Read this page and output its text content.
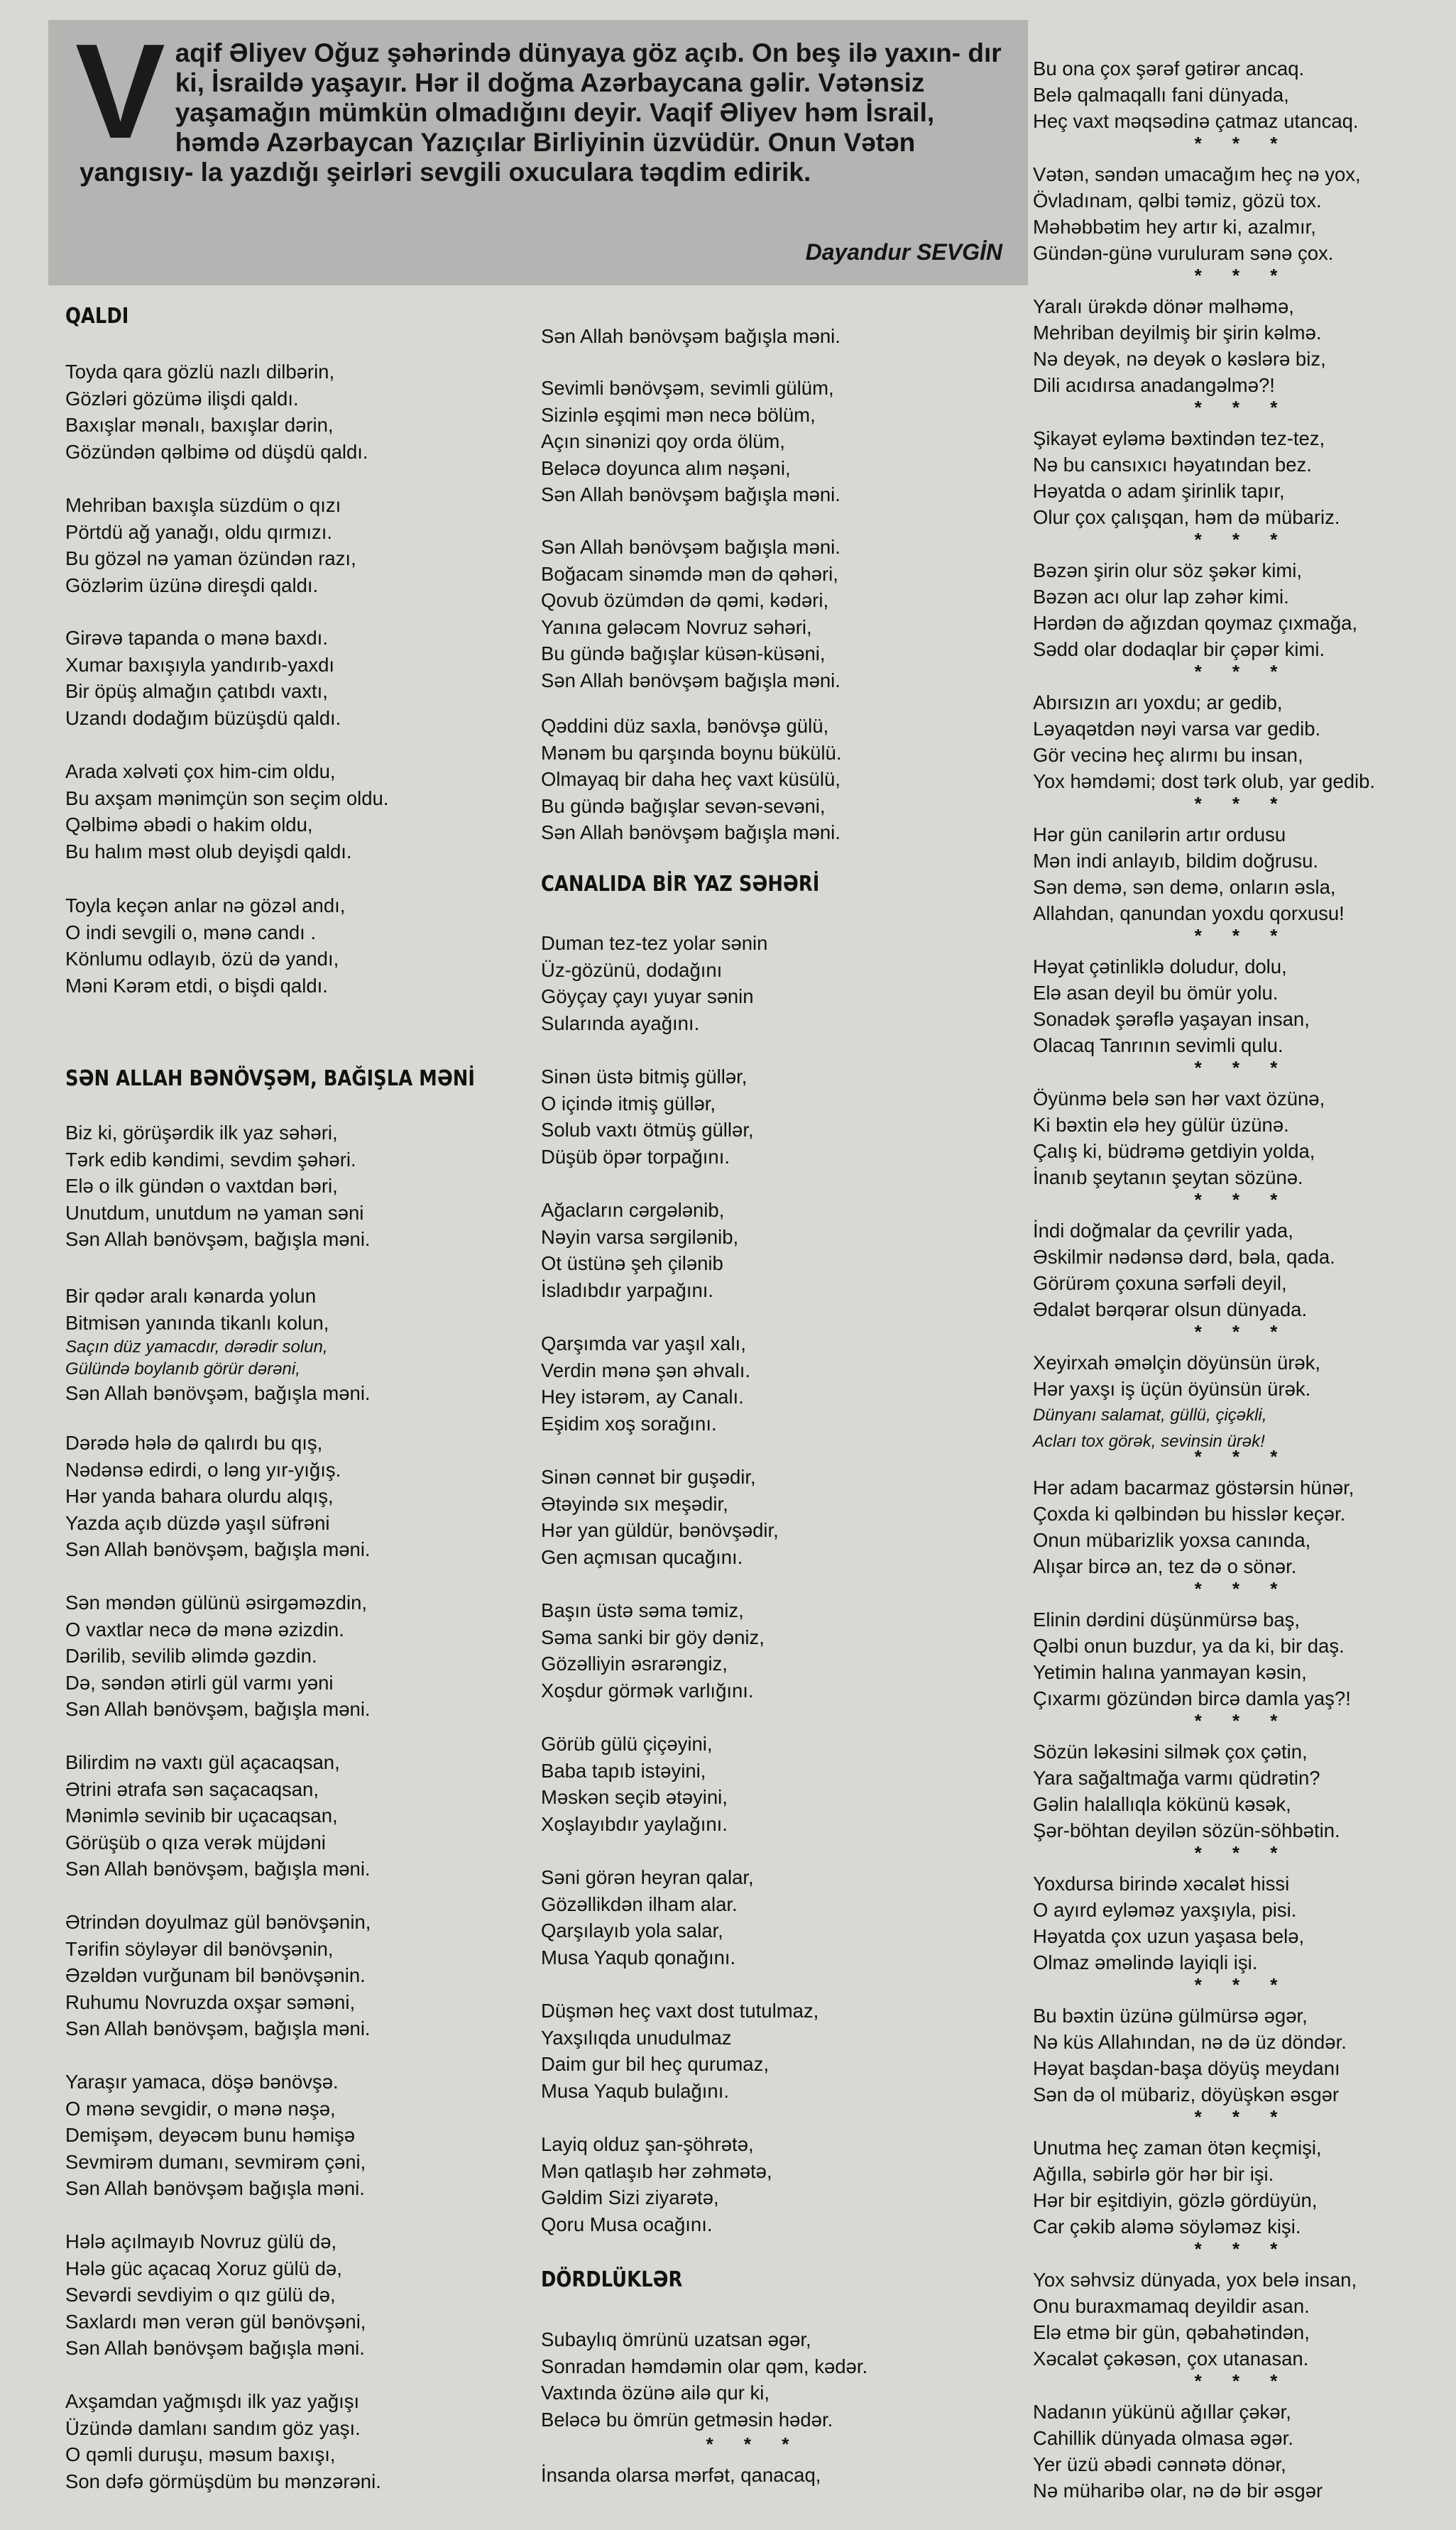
V aqif Əliyev Oğuz şəhərində dünyaya göz açıb. On beş ilə yaxın- dır ki, İsraildə yaşayır. Hər il doğma Azərbaycana gəlir. Vətənsiz yaşamağın mümkün olmadığını deyir. Vaqif Əliyev həm İsrail, həmdə Azərbaycan Yazıçılar Birliyinin üzvüdür. Onun Vətən yangısıy- la yazdığı şeirləri sevgili oxuculara təqdim edirik.

Dayandur SEVGİN
QALDI
Toyda qara gözlü nazlı dilbərin,
Gözləri gözümə ilişdi qaldı.
Baxışlar mənalı, baxışlar dərin,
Gözündən qəlbimə od düşdü qaldı.
Mehriban baxışla süzdüm o qızı
Pörtdü ağ yanağı, oldu qırmızı.
Bu gözəl nə yaman özündən razı,
Gözlərim üzünə direşdi qaldı.
Girəvə tapanda o mənə baxdı.
Xumar baxışıyla yandırıb-yaxdı
Bir öpüş almağın çatıbdı vaxtı,
Uzandı dodağım büzüşdü qaldı.
Arada xəlvəti çox him-cim oldu,
Bu axşam mənimçün son seçim oldu.
Qəlbimə əbədi o hakim oldu,
Bu halım məst olub deyişdi qaldı.
Toyla keçən anlar nə gözəl andı,
O indi sevgili o, mənə candı .
Könlumu odlayıb, özü də yandı,
Məni Kərəm etdi, o bişdi qaldı.
SƏN ALLAH BƏNÖVŞƏM, BAĞIŞLA MƏNİ
Biz ki, görüşərdik ilk yaz səhəri,
Tərk edib kəndimi, sevdim şəhəri.
Elə o ilk gündən o vaxtdan bəri,
Unutdum, unutdum nə yaman səni
Sən Allah bənövşəm, bağışla məni.
Bir qədər aralı kənarda yolun
Bitmisən yanında tikanlı kolun,
Saçın düz yamacdır, dərədir solun,
Gülündə boylanıb görür dərəni,
Sən Allah bənövşəm, bağışla məni.
Dərədə hələ də qalırdı bu qış,
Nədənsə edirdi, o ləng yır-yığış.
Hər yanda bahara olurdu alqış,
Yazda açıb düzdə yaşıl süfrəni
Sən Allah bənövşəm, bağışla məni.
Sən məndən gülünü əsirgəməzdin,
O vaxtlar necə də mənə əzizdin.
Dərilib, sevilib əlimdə gəzdin.
Də, səndən ətirli gül varmı yəni
Sən Allah bənövşəm, bağışla məni.
Bilirdim nə vaxtı gül açacaqsan,
Ətrini ətrafa sən saçacaqsan,
Mənimlə sevinib bir uçacaqsan,
Görüşüb o qıza verək müjdəni
Sən Allah bənövşəm, bağışla məni.
Ətrindən doyulmaz gül bənövşənin,
Tərifin söyləyər dil bənövşənin,
Əzəldən vurğunam bil bənövşənin.
Ruhumu Novruzda oxşar səməni,
Sən Allah bənövşəm, bağışla məni.
Yaraşır yamaca, döşə bənövşə.
O mənə sevgidir, o mənə nəşə,
Demişəm, deyəcəm bunu həmişə
Sevmirəm dumanı, sevmirəm çəni,
Sən Allah bənövşəm bağışla məni.
Hələ açılmayıb Novruz gülü də,
Hələ güc açacaq Xoruz gülü də,
Sevərdi sevdiyim o qız gülü də,
Saxlardı mən verən gül bənövşəni,
Sən Allah bənövşəm bağışla məni.
Axşamdan yağmışdı ilk yaz yağışı
Üzündə damlanı sandım göz yaşı.
O qəmli duruşu, məsum baxışı,
Son dəfə görmüşdüm bu mənzərəni.
Sən Allah bənövşəm bağışla məni.
Sevimli bənövşəm, sevimli gülüm,
Sizinlə eşqimi mən necə bölüm,
Açın sinənizi qoy orda ölüm,
Beləcə doyunca alım nəşəni,
Sən Allah bənövşəm bağışla məni.
Sən Allah bənövşəm bağışla məni.
Boğacam sinəmdə mən də qəhəri,
Qovub özümdən də qəmi, kədəri,
Yanına gələcəm Novruz səhəri,
Bu gündə bağışlar küsən-küsəni,
Sən Allah bənövşəm bağışla məni.
Qəddini düz saxla, bənövşə gülü,
Mənəm bu qarşında boynu bükülü.
Olmayaq bir daha heç vaxt küsülü,
Bu gündə bağışlar sevən-sevəni,
Sən Allah bənövşəm bağışla məni.
CANALIDA BİR YAZ SƏHƏRİ
Duman tez-tez yolar sənin
Üz-gözünü, dodağını
Göyçay çayı yuyar sənin
Sularında ayağını.
Sinən üstə bitmiş güllər,
O içində itmiş güllər,
Solub vaxtı ötmüş güllər,
Düşüb öpər torpağını.
Ağacların cərgələnib,
Nəyin varsa sərgilənib,
Ot üstünə şeh çilənib
İsladıbdır yarpağını.
Qarşımda var yaşıl xalı,
Verdin mənə şən əhvalı.
Hey istərəm, ay Canalı.
Eşidim xoş sorağını.
Sinən cənnət bir guşədir,
Ətəyində sıx meşədir,
Hər yan güldür, bənövşədir,
Gen açmısan qucağını.
Başın üstə səma təmiz,
Səma sanki bir göy dəniz,
Gözəlliyin əsrarəngiz,
Xoşdur görmək varlığını.
Görüb gülü çiçəyini,
Baba tapıb istəyini,
Məskən seçib ətəyini,
Xoşlayıbdır yaylağını.
Səni görən heyran qalar,
Gözəllikdən ilham alar.
Qarşılayıb yola salar,
Musa Yaqub qonağını.
Düşmən heç vaxt dost tutulmaz,
Yaxşılıqda unudulmaz
Daim gur bil heç qurumaz,
Musa Yaqub bulağını.
Layiq olduz şan-şöhrətə,
Mən qatlaşıb hər zəhmətə,
Gəldim Sizi ziyarətə,
Qoru Musa ocağını.
DÖRDLÜKLƏR
Subaylıq ömrünü uzatsan əgər,
Sonradan həmdəmin olar qəm, kədər.
Vaxtında özünə ailə qur ki,
Beləcə bu ömrün getməsin hədər.
* * *
İnsanda olarsa mərfət, qanacaq,
Bu ona çox şərəf gətirər ancaq.
Belə qalmaqallı fani dünyada,
Heç vaxt məqsədinə çatmaz utancaq.
* * *
Vətən, səndən umacağım heç nə yox,
Övladınam, qəlbi təmiz, gözü tox.
Məhəbbətim hey artır ki, azalmır,
Gündən-günə vuruluram sənə çox.
* * *
Yaralı ürəkdə dönər məlhəmə,
Mehriban deyilmiş bir şirin kəlmə.
Nə deyək, nə deyək o kəslərə biz,
Dili acıdırsa anadangəlmə?!
* * *
Şikayət eyləmə bəxtindən tez-tez,
Nə bu cansıxıcı həyatından bez.
Həyatda o adam şirinlik tapır,
Olur çox çalışqan, həm də mübariz.
* * *
Bəzən şirin olur söz şəkər kimi,
Bəzən acı olur lap zəhər kimi.
Hərdən də ağızdan qoymaz çıxmağa,
Sədd olar dodaqlar bir çəpər kimi.
* * *
Abırsızın arı yoxdu; ar gedib,
Ləyaqətdən nəyi varsa var gedib.
Gör vecinə heç alırmı bu insan,
Yox həmdəmi; dost tərk olub, yar gedib.
* * *
Hər gün canilərin artır ordusu
Mən indi anlayıb, bildim doğrusu.
Sən demə, sən demə, onların əsla,
Allahdan, qanundan yoxdu qorxusu!
* * *
Həyat çətinliklə doludur, dolu,
Elə asan deyil bu ömür yolu.
Sonadək şərəflə yaşayan insan,
Olacaq Tanrının sevimli qulu.
* * *
Öyünmə belə sən hər vaxt özünə,
Ki bəxtin elə hey gülür üzünə.
Çalış ki, büdrəmə getdiyin yolda,
İnanıb şeytanın şeytan sözünə.
* * *
İndi doğmalar da çevrilir yada,
Əskilmir nədənsə dərd, bəla, qada.
Görürəm çoxuna sərfəli deyil,
Ədalət bərqərar olsun dünyada.
* * *
Xeyirxah əməlçin döyünsün ürək,
Hər yaxşı iş üçün öyünsün ürək.
Dünyanı salamat, güllü, çiçəkli,
Acları tox görək, sevinsin ürək!
* * *
Hər adam bacarmaz göstərsin hünər,
Çoxda ki qəlbindən bu hisslər keçər.
Onun mübarizlik yoxsa canında,
Alışar bircə an, tez də o sönər.
* * *
Elinin dərdini düşünmürsə baş,
Qəlbi onun buzdur, ya da ki, bir daş.
Yetimin halına yanmayan kəsin,
Çıxarmı gözündən bircə damla yaş?!
* * *
Sözün ləkəsini silmək çox çətin,
Yara sağaltmağa varmı qüdrətin?
Gəlin halallıqla kökünü kəsək,
Şər-böhtan deyilən sözün-söhbətin.
* * *
Yoxdursa birində xəcalət hissi
O ayırd eyləməz yaxşıyla, pisi.
Həyatda çox uzun yaşasa belə,
Olmaz əməlində layiqli işi.
* * *
Bu bəxtin üzünə gülmürsə əgər,
Nə küs Allahından, nə də üz döndər.
Həyat başdan-başa döyüş meydanı
Sən də ol mübariz, döyüşkən əsgər
* * *
Unutma heç zaman ötən keçmişi,
Ağılla, səbirlə gör hər bir işi.
Hər bir eşitdiyin, gözlə gördüyün,
Car çəkib aləmə söyləməz kişi.
* * *
Yox səhvsiz dünyada, yox belə insan,
Onu buraxmamaq deyildir asan.
Elə etmə bir gün, qəbahətindən,
Xəcalət çəkəsən, çox utanasan.
* * *
Nadanın yükünü ağıllar çəkər,
Cahillik dünyada olmasa əgər.
Yer üzü əbədi cənnətə dönər,
Nə müharibə olar, nə də bir əsgər
